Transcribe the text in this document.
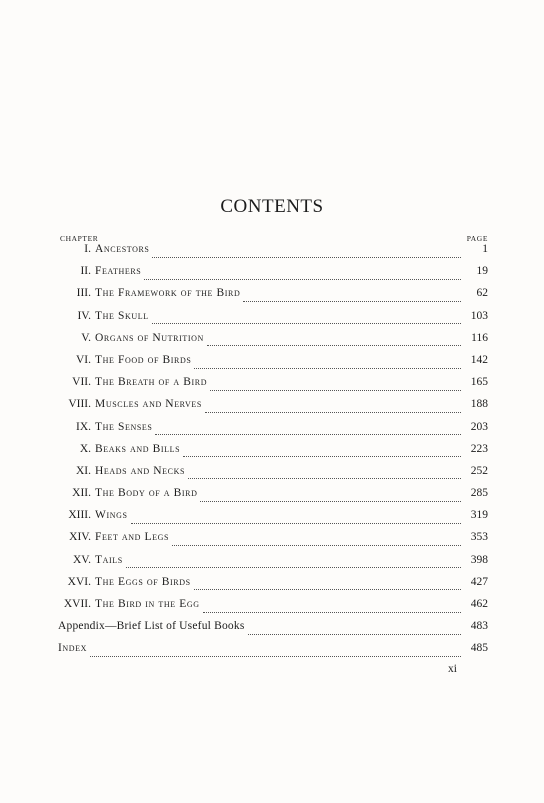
CONTENTS
CHAPTER	PAGE
I. Ancestors	1
II. Feathers	19
III. The Framework of the Bird	62
IV. The Skull	103
V. Organs of Nutrition	116
VI. The Food of Birds	142
VII. The Breath of a Bird	165
VIII. Muscles and Nerves	188
IX. The Senses	203
X. Beaks and Bills	223
XI. Heads and Necks	252
XII. The Body of a Bird	285
XIII. Wings	319
XIV. Feet and Legs	353
XV. Tails	398
XVI. The Eggs of Birds	427
XVII. The Bird in the Egg	462
Appendix—Brief List of Useful Books	483
Index	485
xi
